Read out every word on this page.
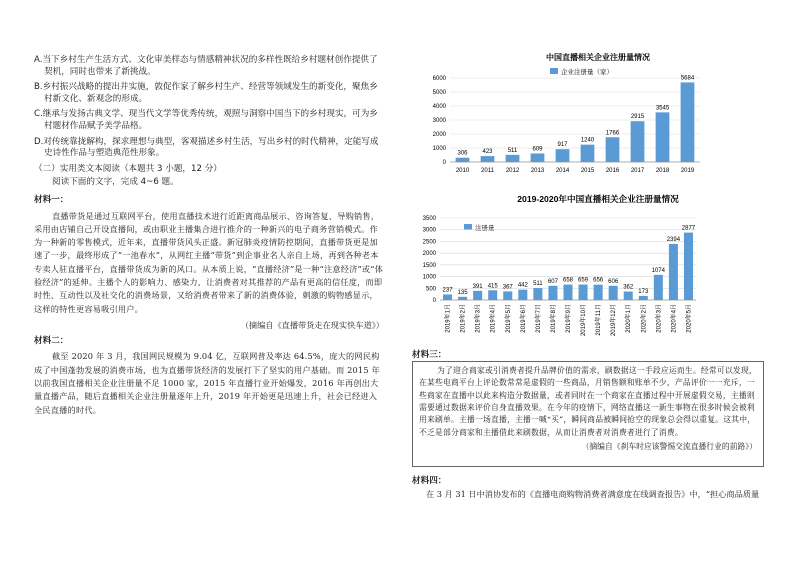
A.当下乡村生产生活方式、文化审美样态与情感精神状况的多样性既给乡村题材创作提供了
契机，同时也带来了新挑战。
B.乡村振兴战略的提出并实施，敦促作家了解乡村生产、经营等领域发生的新变化，聚焦乡
村新文化、新观念的形成。
C.继承与发扬古典文学、现当代文学等优秀传统，观照与洞察中国当下的乡村现实，可为乡
村题材作品赋予美学品格。
D.对传统靠拢解构，探求理想与典型，客观描述乡村生活，写出乡村的时代精神，定能写成
史诗性作品与塑造典范性形象。
（二）实用类文本阅读（本题共 3 小题，12 分）
阅读下面的文字，完成 4~6 题。
材料一：

直播带货是通过互联网平台，使用直播技术进行近距离商品展示、咨询答复、导购销售，采用由店铺自己开设直播间，或由职业主播集合进行推介的一种新兴的电子商务营销模式。作为一种新的零售模式，近年来，直播带货风头正盛。新冠肺炎疫情防控期间，直播带货更是加速了一步，最终形成了“一池春水”，从网红主播“带货”到企事业名人亲自上场，再到各种老本专卖人驻直播平台，直播带货成为新的风口。从本质上说，“直播经济”是一种“注意经济”或“体验经济”的延伸。主播个人的影响力、感染力，让消费者对其推荐的产品有更高的信任度，而即时性、互动性以及社交化的消费场景，又给消费者带来了新的消费体验，刺激的购物感显示，这样的特性更容易吸引用户。

（摘编自《直播带货走在现实快车道》）
材料二：

截至 2020 年 3 月，我国网民规模为 9.04 亿，互联网普及率达 64.5%，庞大的网民构成了中国蓬勃发展的消费市场，也为直播带货经济的发展打下了坚实的用户基础。而 2015 年以前我国直播相关企业注册量不足 1000 家，2015 年直播行业开始爆发，2016 年再创出大量直播产品，随后直播相关企业注册量逐年上升，2019 年开始更是迅速上升，社会已经进入全民直播的时代。

中国直播相关企业注册量情况
企业注册量（家）
0
1000
2000
3000
4000
5000
6000
306
2010
423
2011
511
2012
609
2013
917
2014
1240
2015
1766
2016
2915
2017
3545
2018
5684
2019
2019-2020年中国直播相关企业注册量情况
注册量
0
500
1000
1500
2000
2500
3000
3500
237
2019年1月
135
2019年2月
391
2019年3月
415
2019年4月
367
2019年5月
442
2019年6月
511
2019年7月
607
2019年8月
658
2019年9月
659
2019年10月
656
2019年11月
606
2019年12月
362
2020年1月
173
2020年2月
1074
2020年3月
2394
2020年4月
2877
2020年5月
材料三：

为了迎合商家或引消费者提升品牌价值的需求，刷数据这一手段应运而生。经常可以发现，在某些电商平台上评论数常常是虚假的一些商品，月销售额和账单不少，产品评价一一充斥，一些商家在直播中以此来构造分数据量，或者同时在一个商家在直播过程中开展虚假交易，主播则需要通过数据来评价自身直播效果。在今年的疫情下，网络直播这一新生事物在很多时候会被利用来刷单。主播一场直播，主播一喊“买”，瞬间商品被瞬间抢空的现象总会得以重复。这其中，不乏是部分商家和主播借此来刷数据，从而让消费者对消费者进行了消费。

（摘编自《刹车时应该警惕交流直播行业的前路》）
材料四：
在 3 月 31 日中消协发布的《直播电商购物消费者满意度在线调查报告》中，“担心商品质量
